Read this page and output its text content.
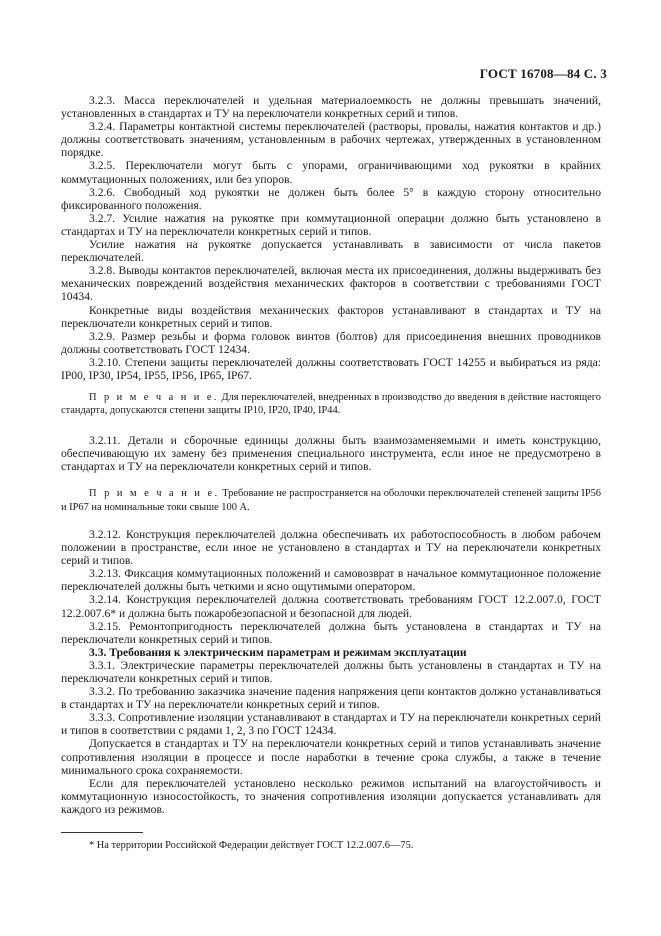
ГОСТ 16708—84 С. 3

3.2.3. Масса переключателей и удельная материалоемкость не должны превышать значений, установленных в стандартах и ТУ на переключатели конкретных серий и типов.

3.2.4. Параметры контактной системы переключателей (растворы, провалы, нажатия контактов и др.) должны соответствовать значениям, установленным в рабочих чертежах, утвержденных в установленном порядке.

3.2.5. Переключатели могут быть с упорами, ограничивающими ход рукоятки в крайних коммутационных положениях, или без упоров.

3.2.6. Свободный ход рукоятки не должен быть более 5° в каждую сторону относительно фиксированного положения.

3.2.7. Усилие нажатия на рукоятке при коммутационной операции должно быть установлено в стандартах и ТУ на переключатели конкретных серий и типов.

Усилие нажатия на рукоятке допускается устанавливать в зависимости от числа пакетов переключателей.

3.2.8. Выводы контактов переключателей, включая места их присоединения, должны выдерживать без механических повреждений воздействия механических факторов в соответствии с требованиями ГОСТ 10434.

Конкретные виды воздействия механических факторов устанавливают в стандартах и ТУ на переключатели конкретных серий и типов.

3.2.9. Размер резьбы и форма головок винтов (болтов) для присоединения внешних проводников должны соответствовать ГОСТ 12434.

3.2.10. Степени защиты переключателей должны соответствовать ГОСТ 14255 и выбираться из ряда: IP00, IP30, IP54, IP55, IP56, IP65, IP67.

П р и м е ч а н и е. Для переключателей, внедренных в производство до введения в действие настоящего стандарта, допускаются степени защиты IP10, IP20, IP40, IP44.

3.2.11. Детали и сборочные единицы должны быть взаимозаменяемыми и иметь конструкцию, обеспечивающую их замену без применения специального инструмента, если иное не предусмотрено в стандартах и ТУ на переключатели конкретных серий и типов.

П р и м е ч а н и е. Требование не распространяется на оболочки переключателей степеней защиты IP56 и IP67 на номинальные токи свыше 100 А.

3.2.12. Конструкция переключателей должна обеспечивать их работоспособность в любом рабочем положении в пространстве, если иное не установлено в стандартах и ТУ на переключатели конкретных серий и типов.

3.2.13. Фиксация коммутационных положений и самовозврат в начальное коммутационное положение переключателей должны быть четкими и ясно ощутимыми оператором.

3.2.14. Конструкция переключателей должна соответствовать требованиям ГОСТ 12.2.007.0, ГОСТ 12.2.007.6* и должна быть пожаробезопасной и безопасной для людей.

3.2.15. Ремонтопригодность переключателей должна быть установлена в стандартах и ТУ на переключатели конкретных серий и типов.

3.3. Требования к электрическим параметрам и режимам эксплуатации

3.3.1. Электрические параметры переключателей должны быть установлены в стандартах и ТУ на переключатели конкретных серий и типов.

3.3.2. По требованию заказчика значение падения напряжения цепи контактов должно устанавливаться в стандартах и ТУ на переключатели конкретных серий и типов.

3.3.3. Сопротивление изоляции устанавливают в стандартах и ТУ на переключатели конкретных серий и типов в соответствии с рядами 1, 2, 3 по ГОСТ 12434.

Допускается в стандартах и ТУ на переключатели конкретных серий и типов устанавливать значение сопротивления изоляции в процессе и после наработки в течение срока службы, а также в течение минимального срока сохраняемости.

Если для переключателей установлено несколько режимов испытаний на влагоустойчивость и коммутационную износостойкость, то значения сопротивления изоляции допускается устанавливать для каждого из режимов.

* На территории Российской Федерации действует ГОСТ 12.2.007.6—75.
